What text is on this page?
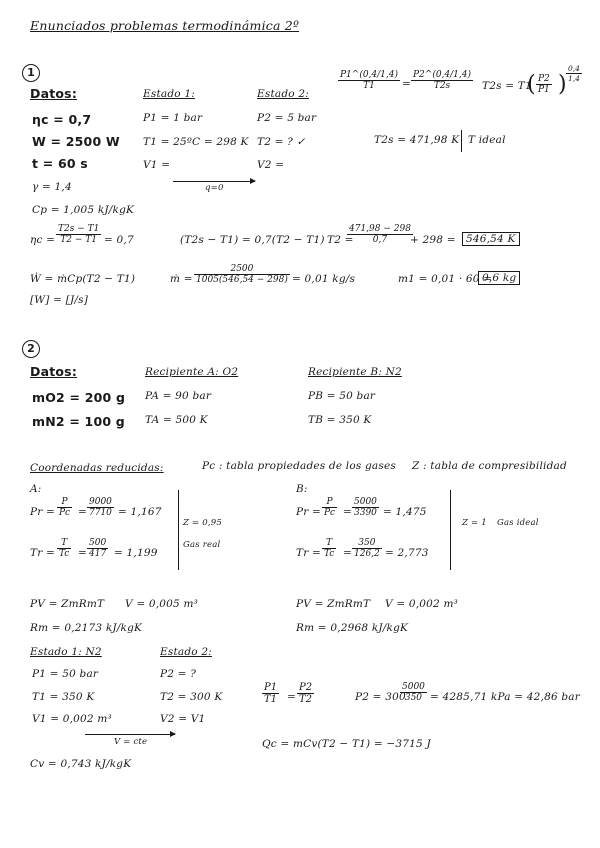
Enunciados problemas termodinámica 2º
1
Datos:
ηc = 0,7
W = 2500 W
t = 60 s
γ = 1,4
Cp = 1,005 kJ/kgK
Estado 1:
P1 = 1 bar
T1 = 25ºC = 298 K
V1 =
Estado 2:
P2 = 5 bar
T2 = ? ✓
V2 =
q=0
$\frac{P1\^{}(0,4/1,4)}{T1} = \frac{P2\^{}(0,4/1,4)}{T2s} T2s = T1$
( $\frac{P2}{P1}$ ) $\frac{0,4}{1,4}$
T2s = 471,98 K T ideal
$\eta c = \frac{T2s - T1}{T2 - T1} = 0,7$	(T2s − T1) = 0,7(T2 − T1) T2 =
$\frac{471,98 - 298}{0,7}$
+ 298 = 546,54 K
Ẇ = ṁCp(T2 − T1)	ṁ = $\frac{2500}{1005(546,54 - 298)} = 0,01$ kg/s	m1 = 0,01 · 60 =
0,6 kg
[W] = [J/s]
2
Datos:
mO2 = 200 g
mN2 = 100 g
Recipiente A: O2
PA = 90 bar
TA = 500 K
Recipiente B: N2
PB = 50 bar
TB = 350 K
Coordenadas reducidas:	Pc : tabla propiedades de los gases Z : tabla de compresibilidad
A:
$Pr = \frac{P}{Pc} = \frac{9000}{7710} = 1,167$
$Tr = \frac{T}{Tc} = \frac{500}{417} = 1,199$
Z = 0,95
Gas real
B:
$Pr = \frac{P}{Pc} = \frac{5000}{3390} = 1,475$
$Tr = \frac{T}{Tc} = \frac{350}{126,2} = 2,773$
Z = 1 Gas ideal
PV = ZmRmT V = 0,005 m³
Rm = 0,2173 kJ/kgK
PV = ZmRmT V = 0,002 m³
Rm = 0,2968 kJ/kgK
Estado 1: N2
P1 = 50 bar
T1 = 350 K
V1 = 0,002 m³
Estado 2:
P2 = ?
T2 = 300 K
V2 = V1
V = cte
Cv = 0,743 kJ/kgK
$\frac{P1}{T1} = \frac{P2}{T2}$	P2 = 300
$\frac{5000}{350} = 4285,71$ kPa = 42,86 bar
Qc = mCv(T2 − T1) = −3715 J
